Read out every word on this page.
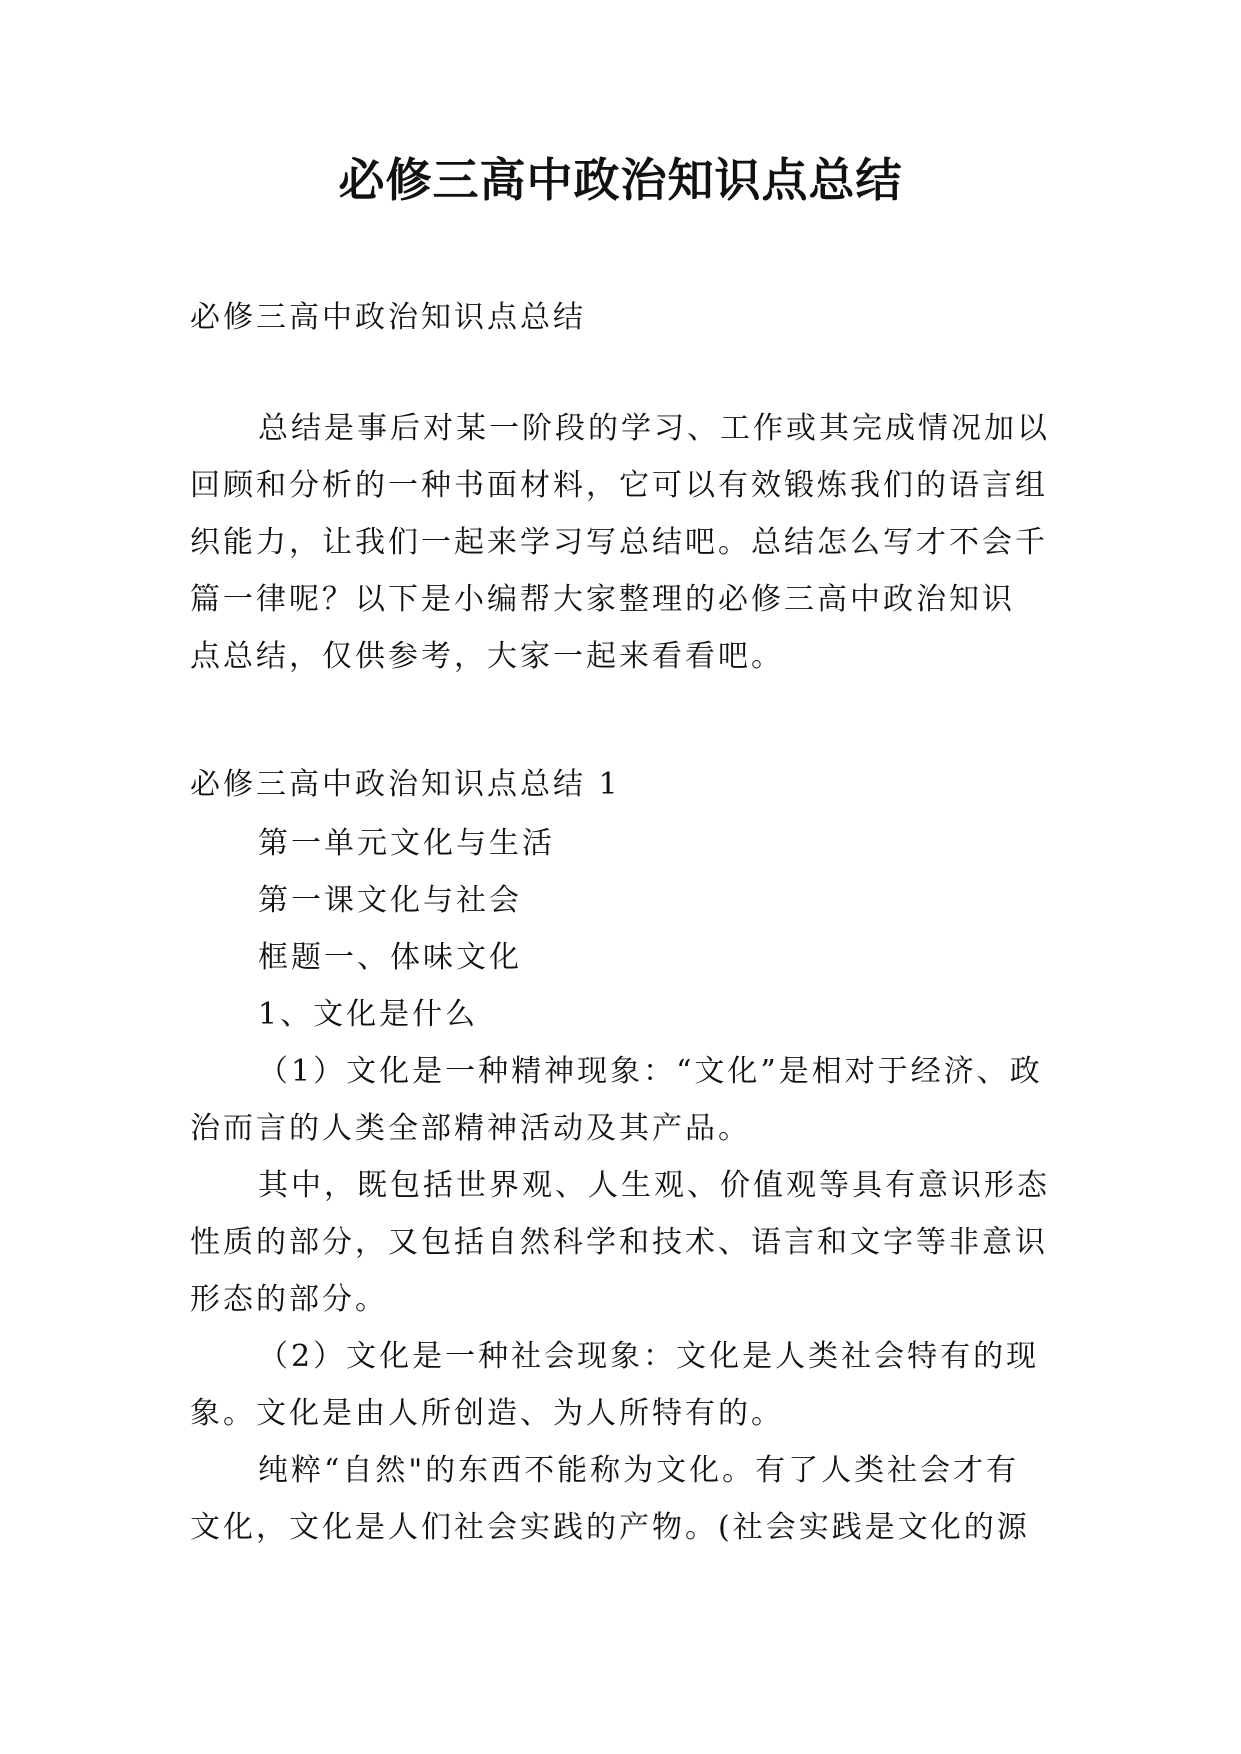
必修三高中政治知识点总结
必修三高中政治知识点总结
总结是事后对某一阶段的学习、工作或其完成情况加以
回顾和分析的一种书面材料，它可以有效锻炼我们的语言组
织能力，让我们一起来学习写总结吧。总结怎么写才不会千
篇一律呢？以下是小编帮大家整理的必修三高中政治知识
点总结，仅供参考，大家一起来看看吧。
必修三高中政治知识点总结 1
第一单元文化与生活
第一课文化与社会
框题一、体味文化
1、文化是什么
（1）文化是一种精神现象：“文化”是相对于经济、政
治而言的人类全部精神活动及其产品。
其中，既包括世界观、人生观、价值观等具有意识形态
性质的部分，又包括自然科学和技术、语言和文字等非意识
形态的部分。
（2）文化是一种社会现象：文化是人类社会特有的现
象。文化是由人所创造、为人所特有的。
纯粹“自然"的东西不能称为文化。有了人类社会才有
文化，文化是人们社会实践的产物。(社会实践是文化的源
